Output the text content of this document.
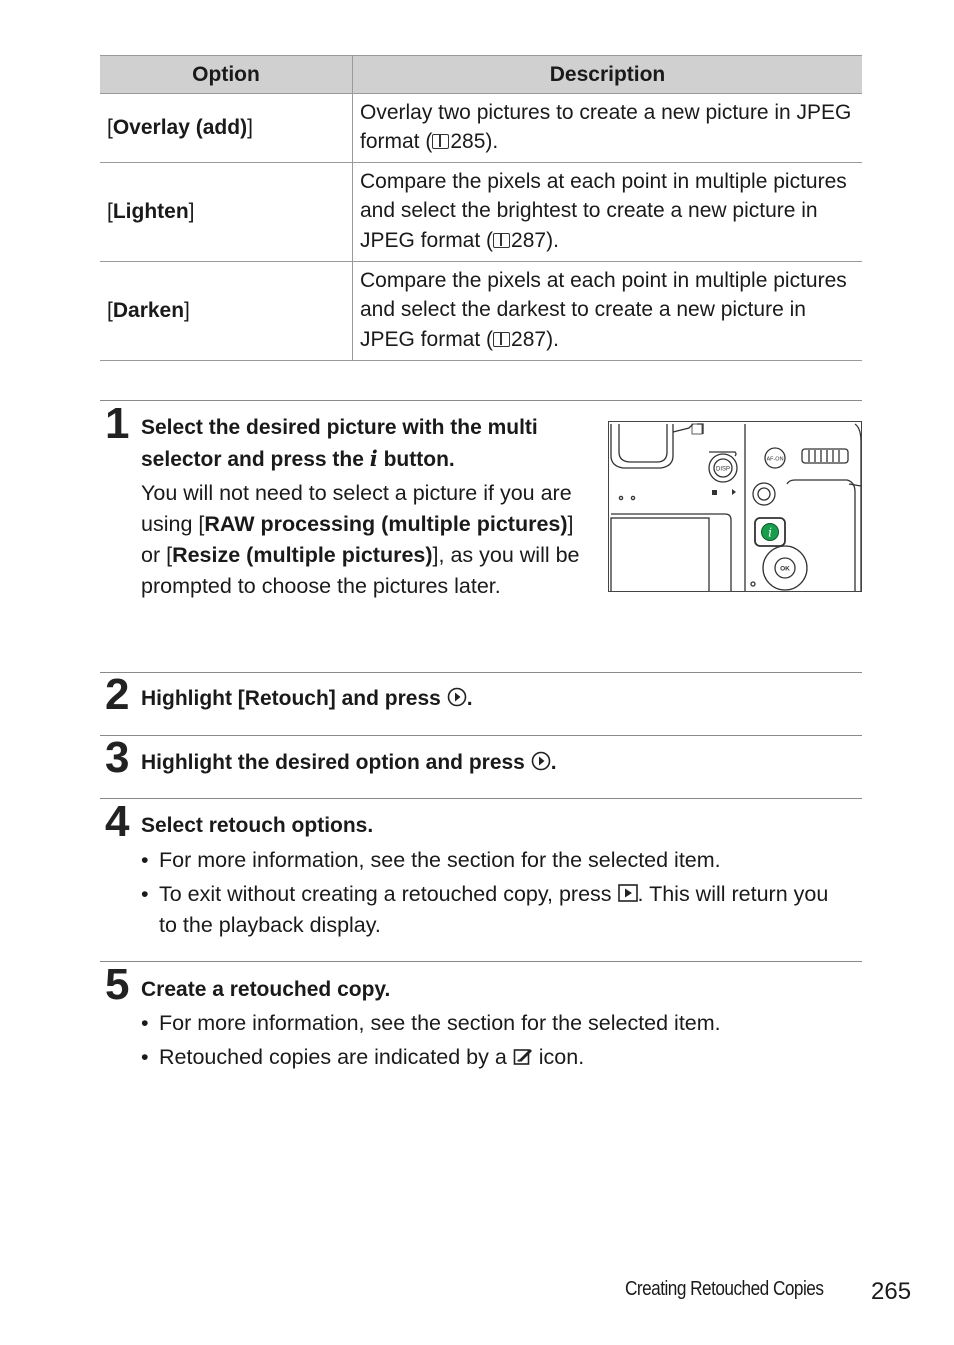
Option	Description
[Overlay (add)]	Overlay two pictures to create a new picture in JPEG format ( 285).
[Lighten]	Compare the pixels at each point in multiple pictures and select the brightest to create a new picture in JPEG format ( 287).
[Darken]	Compare the pixels at each point in multiple pictures and select the darkest to create a new picture in JPEG format ( 287).
1 Select the desired picture with the multi
selector and press the i button.
You will not need to select a picture if you are using [RAW processing (multiple pictures)] or [Resize (multiple pictures)], as you will be prompted to choose the pictures later.
i
DISP
AF-ON
OK
2 Highlight [Retouch] and press .
3 Highlight the desired option and press .
4 Select retouch options.
• For more information, see the section for the selected item.
• To exit without creating a retouched copy, press . This will return you to the playback display.
5 Create a retouched copy.
• For more information, see the section for the selected item.
• Retouched copies are indicated by a icon.
Creating Retouched Copies 265
